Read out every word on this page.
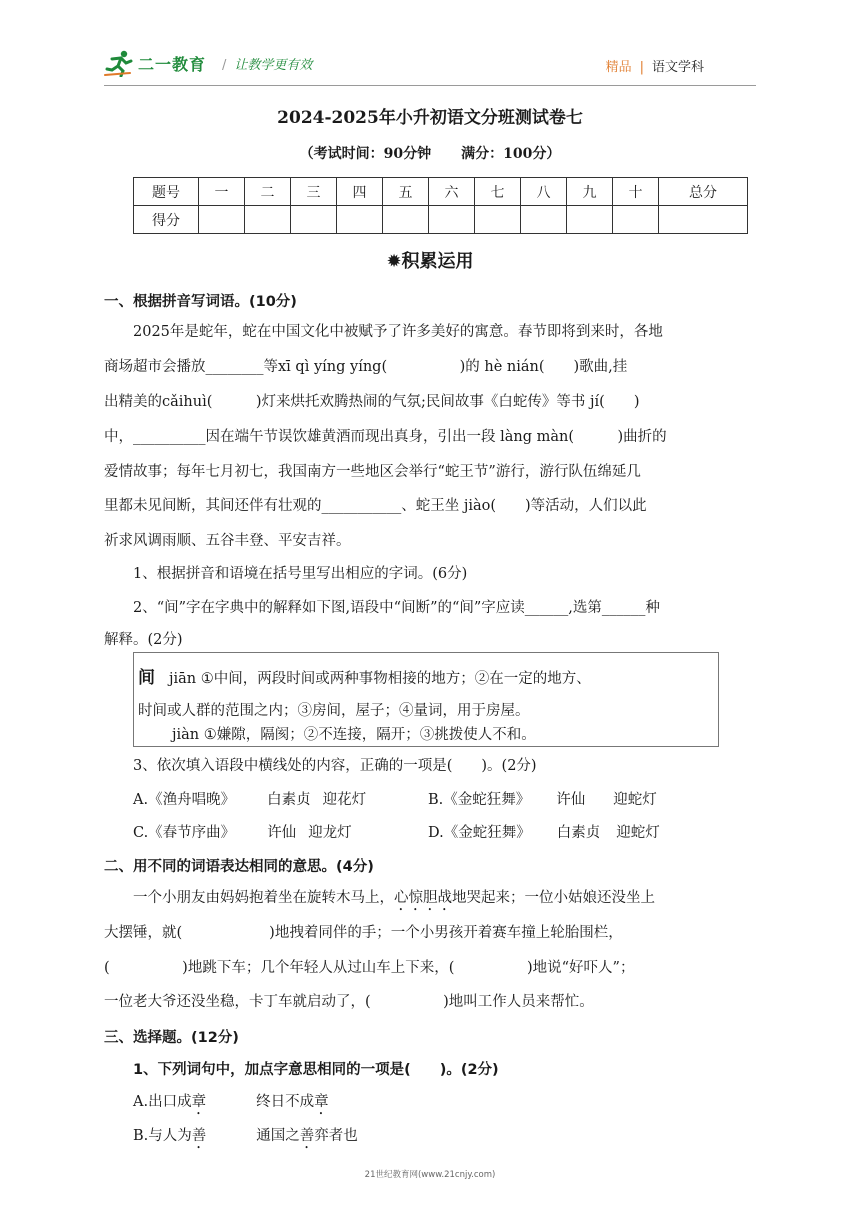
二一教育 / 让教学更有效	精品 | 语文学科
2024-2025年小升初语文分班测试卷七
（考试时间：90分钟 满分：100分）
题号	一	二	三	四	五	六	七	八	九	十	总分
得分											
✹积累运用
一、根据拼音写词语。(10分)
2025年是蛇年，蛇在中国文化中被赋予了许多美好的寓意。春节即将到来时，各地
商场超市会播放________等xī qì yíng yíng(　　　　　)的 hè nián(　　)歌曲,挂
出精美的cǎihuì(　　　)灯来烘托欢腾热闹的气氛;民间故事《白蛇传》等书 jí(　　)
中，__________因在端午节误饮雄黄酒而现出真身，引出一段 làng màn(　　　)曲折的
爱情故事；每年七月初七，我国南方一些地区会举行“蛇王节”游行，游行队伍绵延几
里都未见间断，其间还伴有壮观的___________、蛇王坐 jiào(　　)等活动，人们以此
祈求风调雨顺、五谷丰登、平安吉祥。
1、根据拼音和语境在括号里写出相应的字词。(6分)
2、“间”字在字典中的解释如下图,语段中“间断”的“间”字应读______,选第______种
解释。(2分)
间 jiān ①中间，两段时间或两种事物相接的地方；②在一定的地方、
时间或人群的范围之内；③房间，屋子；④量词，用于房屋。
jiàn ①嫌隙，隔阂；②不连接，隔开；③挑拨使人不和。
3、依次填入语段中横线处的内容，正确的一项是(　　)。(2分)
A.《渔舟唱晚》 白素贞 迎花灯	B.《金蛇狂舞》 许仙 迎蛇灯
C.《春节序曲》 许仙 迎龙灯	D.《金蛇狂舞》 白素贞 迎蛇灯
二、用不同的词语表达相同的意思。(4分)
一个小朋友由妈妈抱着坐在旋转木马上，心惊胆战地哭起来；一位小姑娘还没坐上
大摆锤，就(　　　　　　)地拽着同伴的手；一个小男孩开着赛车撞上轮胎围栏，
(　　　　　)地跳下车；几个年轻人从过山车上下来，(　　　　　)地说“好吓人”；
一位老大爷还没坐稳，卡丁车就启动了，(　　　　　)地叫工作人员来帮忙。
三、选择题。(12分)
1、下列词句中，加点字意思相同的一项是(　　)。(2分)
A.出口成章	终日不成章
B.与人为善	通国之善弈者也
21世纪教育网(www.21cnjy.com)
